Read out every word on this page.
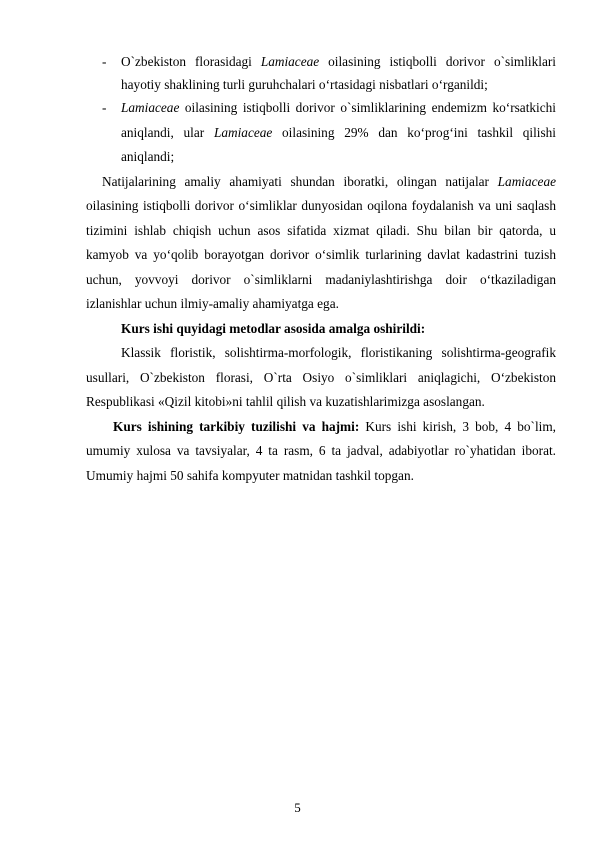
- O`zbekiston florasidagi Lamiaceae oilasining istiqbolli dorivor o`simliklari hayotiy shaklining turli guruhchalari o‘rtasidagi nisbatlari o‘rganildi;
- Lamiaceae oilasining istiqbolli dorivor o`simliklarining endemizm ko‘rsatkichi aniqlandi, ular Lamiaceae oilasining 29% dan ko‘prog‘ini tashkil qilishi aniqlandi;
Natijalarining amaliy ahamiyati shundan iboratki, olingan natijalar Lamiaceae oilasining istiqbolli dorivor o‘simliklar dunyosidan oqilona foydalanish va uni saqlash tizimini ishlab chiqish uchun asos sifatida xizmat qiladi. Shu bilan bir qatorda, u kamyob va yo‘qolib borayotgan dorivor o‘simlik turlarining davlat kadastrini tuzish uchun, yovvoyi dorivor o`simliklarni madaniylashtirishga doir o‘tkaziladigan izlanishlar uchun ilmiy-amaliy ahamiyatga ega.
Kurs ishi quyidagi metodlar asosida amalga oshirildi:
Klassik floristik, solishtirma-morfologik, floristikaning solishtirma-geografik usullari, O`zbekiston florasi, O`rta Osiyo o`simliklari aniqlagichi, O‘zbekiston Respublikasi «Qizil kitobi»ni tahlil qilish va kuzatishlarimizga asoslangan.
Kurs ishining tarkibiy tuzilishi va hajmi: Kurs ishi kirish, 3 bob, 4 bo`lim, umumiy xulosa va tavsiyalar, 4 ta rasm, 6 ta jadval, adabiyotlar ro`yhatidan iborat. Umumiy hajmi 50 sahifa kompyuter matnidan tashkil topgan.
5
